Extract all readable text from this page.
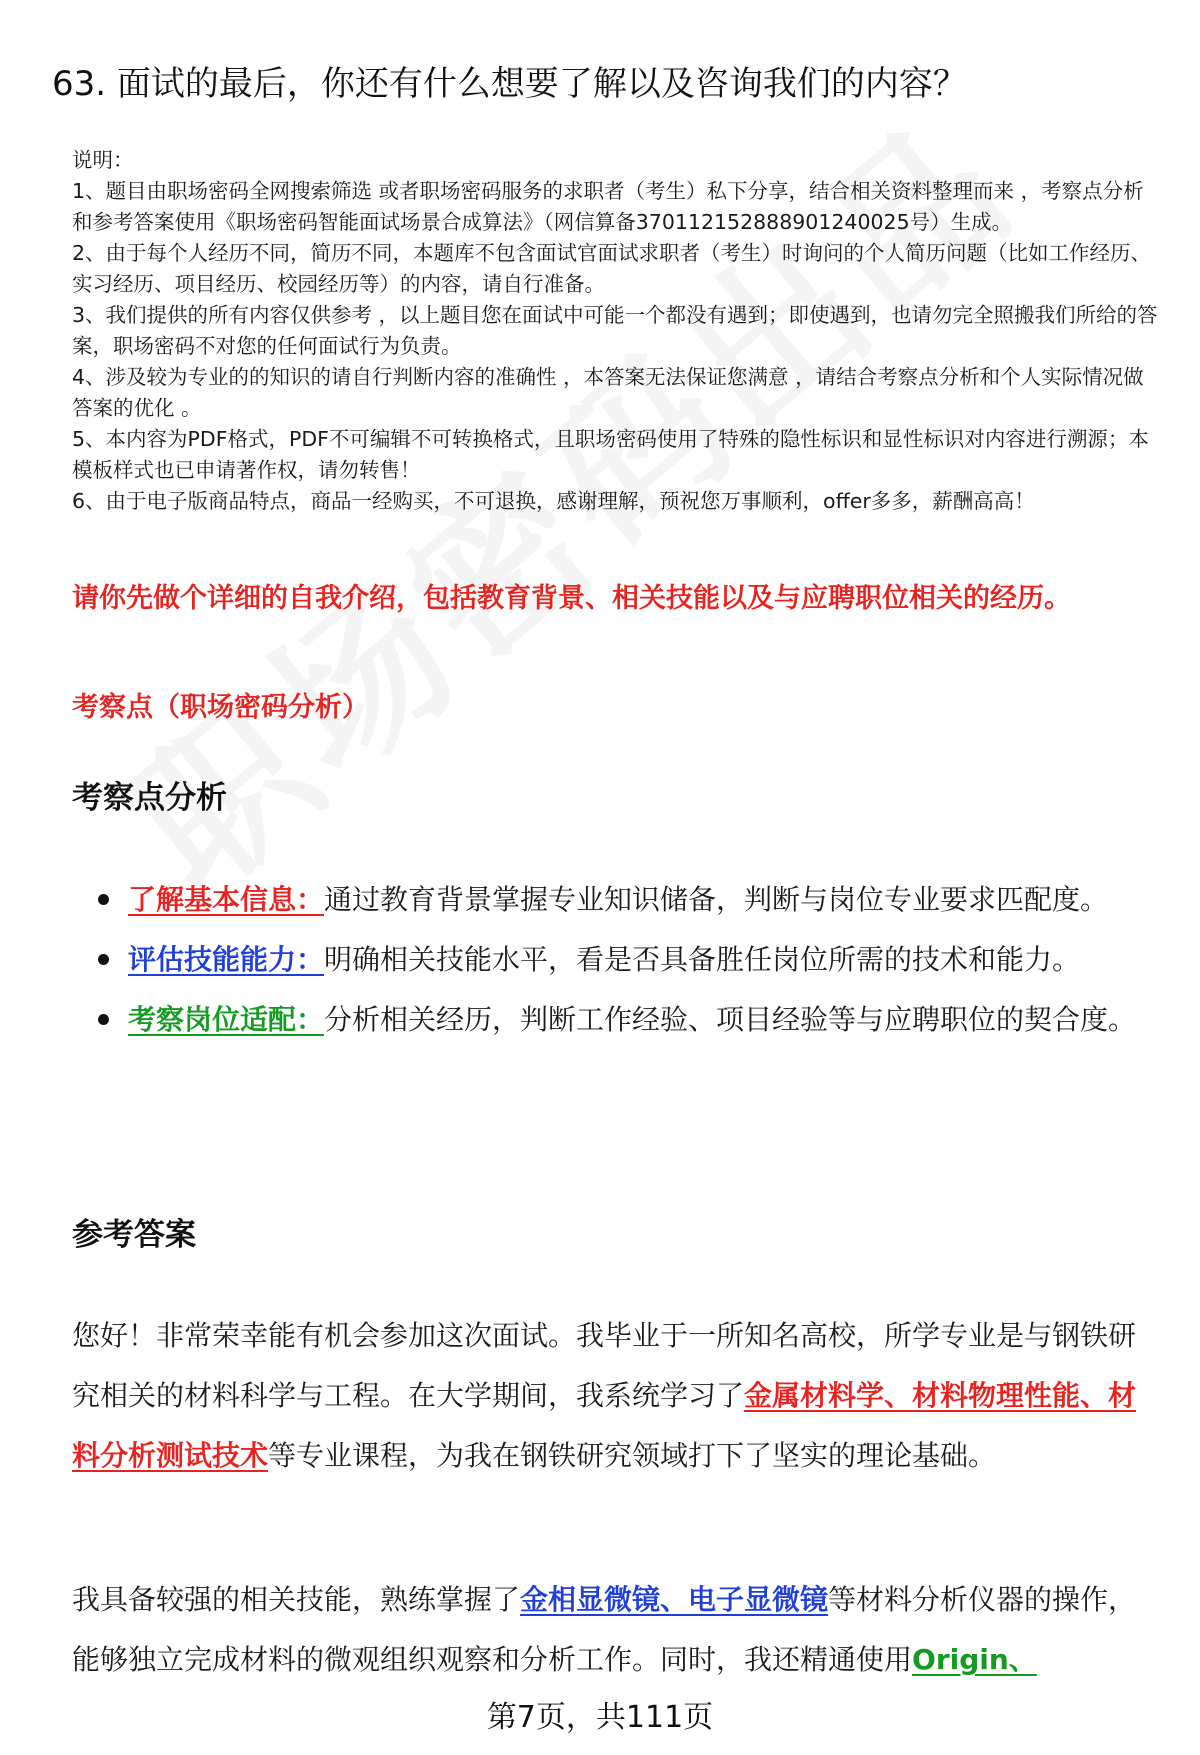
63. 面试的最后，你还有什么想要了解以及咨询我们的内容？

说明：

1、题目由职场密码全网搜索筛选 或者职场密码服务的求职者（考生）私下分享，结合相关资料整理而来 ，考察点分析和参考答案使用《职场密码智能面试场景合成算法》（网信算备370112152888901240025号）生成。

2、由于每个人经历不同，简历不同，本题库不包含面试官面试求职者（考生）时询问的个人简历问题（比如工作经历、实习经历、项目经历、校园经历等）的内容，请自行准备。

3、我们提供的所有内容仅供参考 ，以上题目您在面试中可能一个都没有遇到；即使遇到，也请勿完全照搬我们所给的答案，职场密码不对您的任何面试行为负责。

4、涉及较为专业的的知识的请自行判断内容的准确性 ，本答案无法保证您满意 ，请结合考察点分析和个人实际情况做答案的优化 。

5、本内容为PDF格式，PDF不可编辑不可转换格式，且职场密码使用了特殊的隐性标识和显性标识对内容进行溯源；本模板样式也已申请著作权，请勿转售！

6、由于电子版商品特点，商品一经购买，不可退换，感谢理解，预祝您万事顺利，offer多多，薪酬高高！

请你先做个详细的自我介绍，包括教育背景、相关技能以及与应聘职位相关的经历。
考察点（职场密码分析）
考察点分析
了解基本信息：通过教育背景掌握专业知识储备，判断与岗位专业要求匹配度。
评估技能能力：明确相关技能水平，看是否具备胜任岗位所需的技术和能力。
考察岗位适配：分析相关经历，判断工作经验、项目经验等与应聘职位的契合度。
参考答案
您好！非常荣幸能有机会参加这次面试。我毕业于一所知名高校，所学专业是与钢铁研究相关的材料科学与工程。在大学期间，我系统学习了金属材料学、材料物理性能、材料分析测试技术等专业课程，为我在钢铁研究领域打下了坚实的理论基础。
我具备较强的相关技能，熟练掌握了金相显微镜、电子显微镜等材料分析仪器的操作，能够独立完成材料的微观组织观察和分析工作。同时，我还精通使用Origin、
第7页，共111页
